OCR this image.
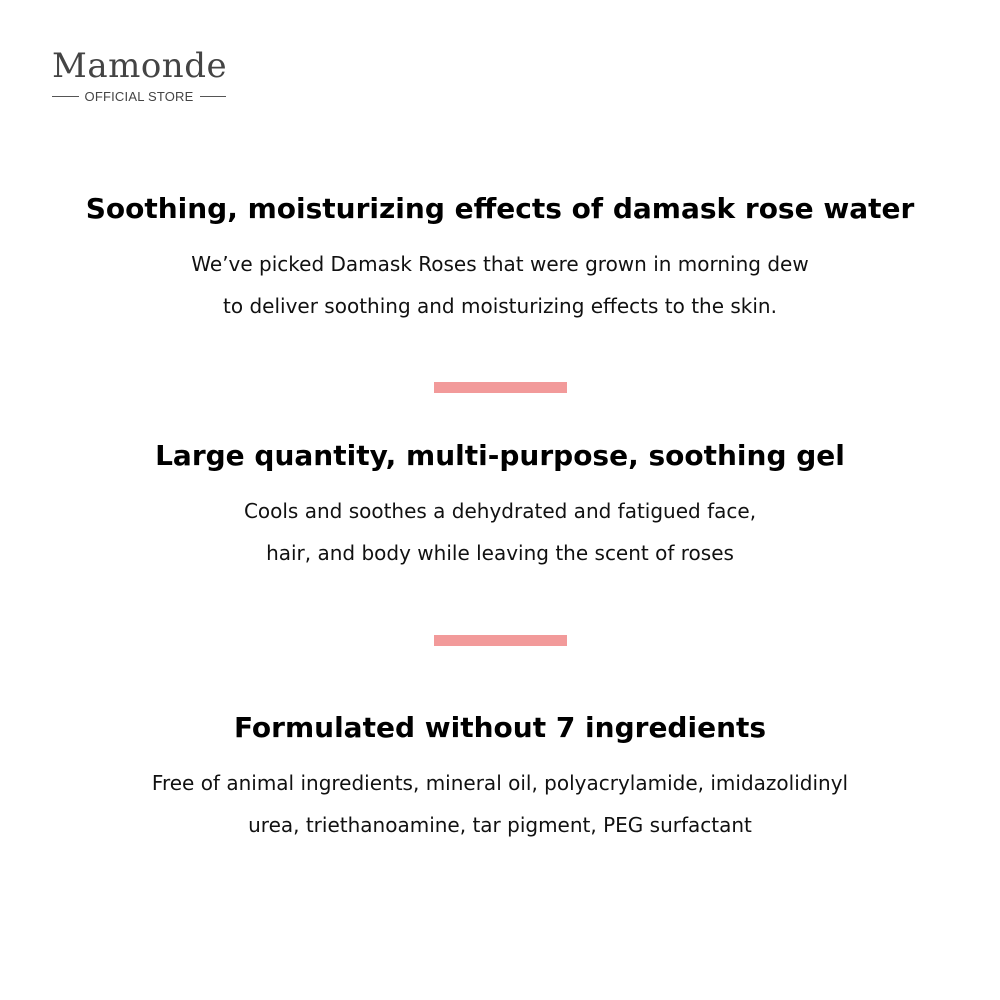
Mamonde
OFFICIAL STORE
Soothing, moisturizing effects of damask rose water
We’ve picked Damask Roses that were grown in morning dew
to deliver soothing and moisturizing effects to the skin.
Large quantity, multi-purpose, soothing gel
Cools and soothes a dehydrated and fatigued face,
hair, and body while leaving the scent of roses
Formulated without 7 ingredients
Free of animal ingredients, mineral oil, polyacrylamide, imidazolidinyl
urea, triethanoamine, tar pigment, PEG surfactant
